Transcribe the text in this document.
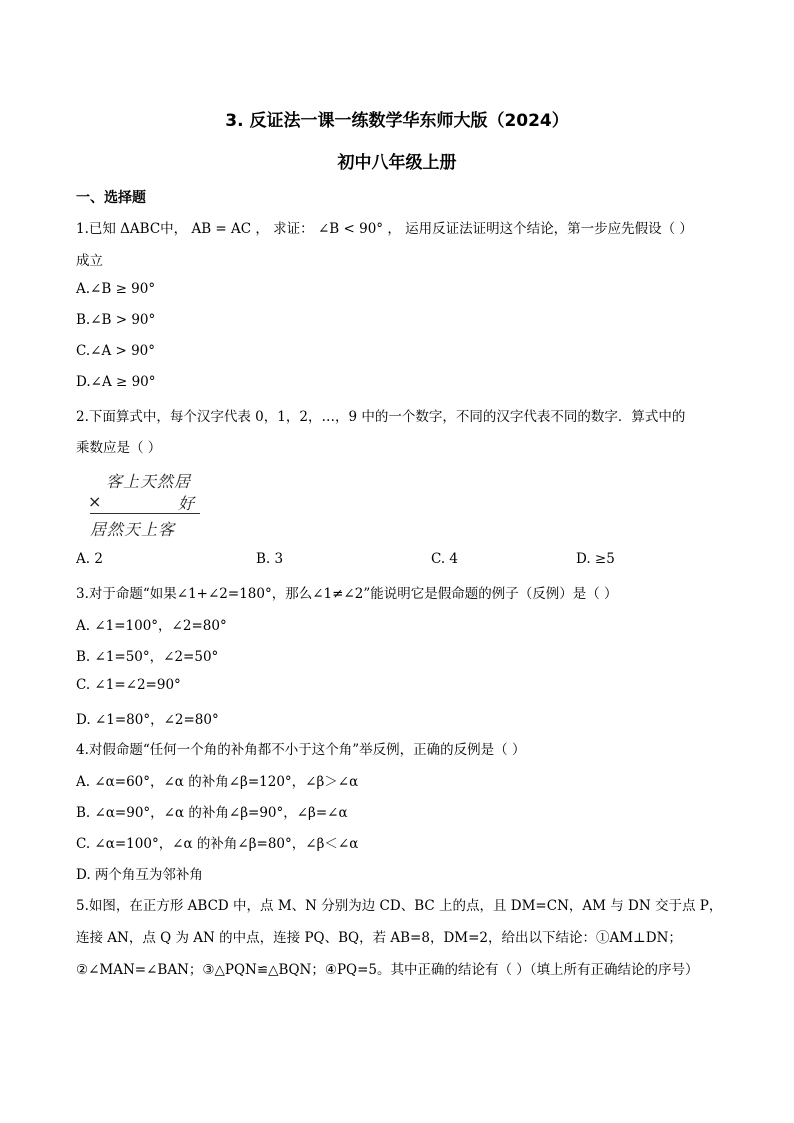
3. 反证法一课一练数学华东师大版（2024）
初中八年级上册
一、选择题
1.已知 ΔABC中， AB = AC ， 求证： ∠B < 90° ， 运用反证法证明这个结论，第一步应先假设（ ）
成立
A.∠B ≥ 90°
B.∠B > 90°
C.∠A > 90°
D.∠A ≥ 90°
2.下面算式中，每个汉字代表 0，1，2，…，9 中的一个数字，不同的汉字代表不同的数字．算式中的
乘数应是（ ）
客上天然居
×	好
居然天上客
A. 2	B. 3	C. 4	D. ≥5
3.对于命题“如果∠1+∠2=180°，那么∠1≠∠2”能说明它是假命题的例子（反例）是（ ）
A. ∠1=100°，∠2=80°
B. ∠1=50°，∠2=50°
C. ∠1=∠2=90°
D. ∠1=80°，∠2=80°
4.对假命题“任何一个角的补角都不小于这个角”举反例，正确的反例是（ ）
A. ∠α=60°，∠α 的补角∠β=120°，∠β＞∠α
B. ∠α=90°，∠α 的补角∠β=90°，∠β=∠α
C. ∠α=100°，∠α 的补角∠β=80°，∠β＜∠α
D. 两个角互为邻补角
5.如图，在正方形 ABCD 中，点 M、N 分别为边 CD、BC 上的点，且 DM=CN，AM 与 DN 交于点 P，
连接 AN，点 Q 为 AN 的中点，连接 PQ、BQ，若 AB=8，DM=2，给出以下结论：①AM⊥DN；
②∠MAN=∠BAN；③△PQN≌△BQN；④PQ=5。其中正确的结论有（ ）（填上所有正确结论的序号）
